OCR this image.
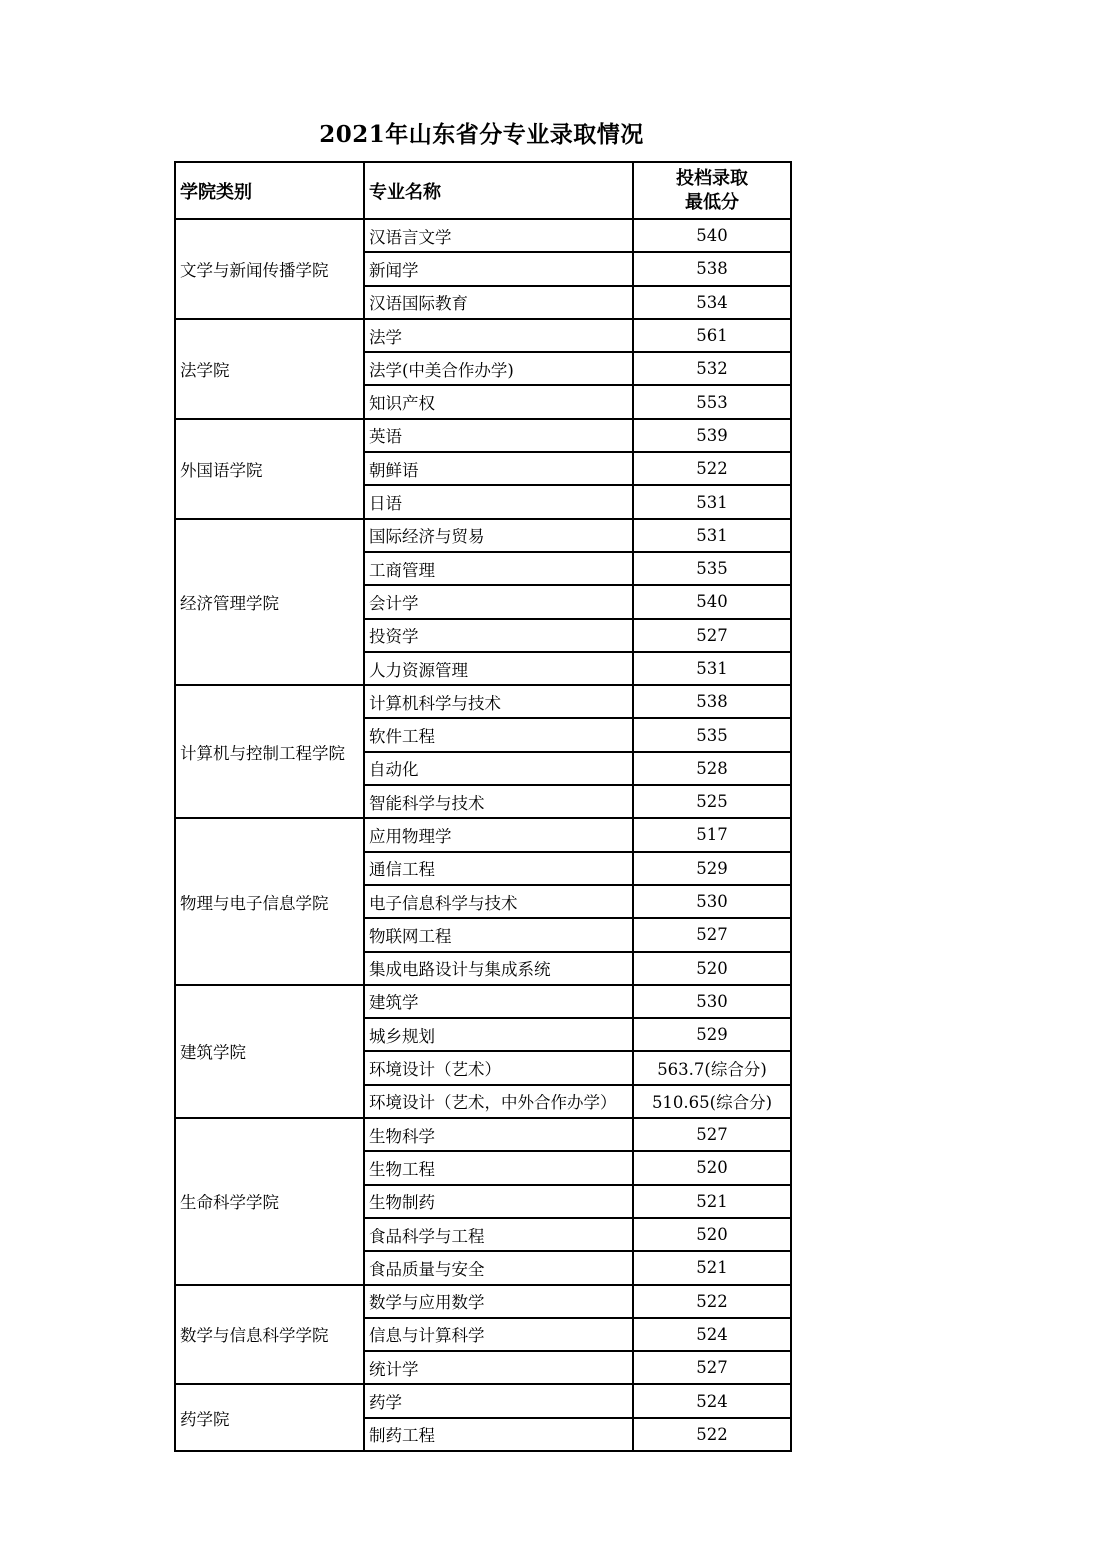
2021年山东省分专业录取情况
学院类别	专业名称	投档录取
最低分
文学与新闻传播学院	汉语言文学	540
	新闻学	538
	汉语国际教育	534
法学院	法学	561
	法学(中美合作办学)	532
	知识产权	553
外国语学院	英语	539
	朝鲜语	522
	日语	531
经济管理学院	国际经济与贸易	531
	工商管理	535
	会计学	540
	投资学	527
	人力资源管理	531
计算机与控制工程学院	计算机科学与技术	538
	软件工程	535
	自动化	528
	智能科学与技术	525
物理与电子信息学院	应用物理学	517
	通信工程	529
	电子信息科学与技术	530
	物联网工程	527
	集成电路设计与集成系统	520
建筑学院	建筑学	530
	城乡规划	529
	环境设计（艺术）	563.7(综合分)
	环境设计（艺术，中外合作办学）	510.65(综合分)
生命科学学院	生物科学	527
	生物工程	520
	生物制药	521
	食品科学与工程	520
	食品质量与安全	521
数学与信息科学学院	数学与应用数学	522
	信息与计算科学	524
	统计学	527
药学院	药学	524
	制药工程	522
